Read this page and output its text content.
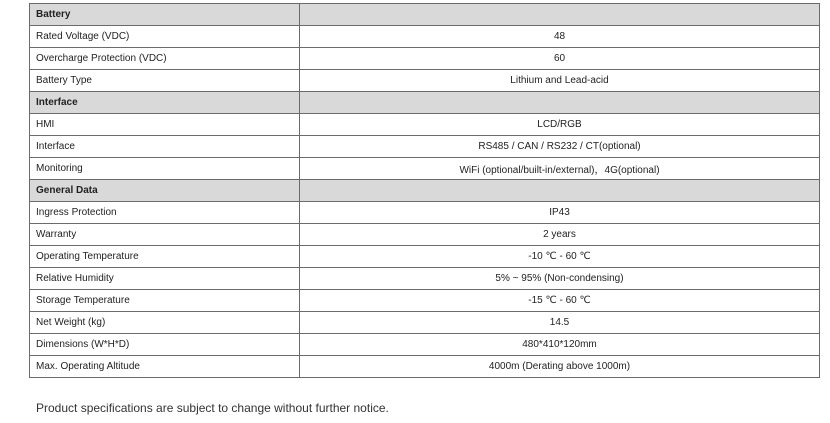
Battery	
Rated Voltage (VDC)	48
Overcharge Protection (VDC)	60
Battery Type	Lithium and Lead-acid
Interface	
HMI	LCD/RGB
Interface	RS485 / CAN / RS232 / CT(optional)
Monitoring	WiFi (optional/built-in/external)，4G(optional)
General Data	
Ingress Protection	IP43
Warranty	2 years
Operating Temperature	-10 ℃ - 60 ℃
Relative Humidity	5% ~ 95% (Non-condensing)
Storage Temperature	-15 ℃ - 60 ℃
Net Weight (kg)	14.5
Dimensions (W*H*D)	480*410*120mm
Max. Operating Altitude	4000m (Derating above 1000m)
Product specifications are subject to change without further notice.
